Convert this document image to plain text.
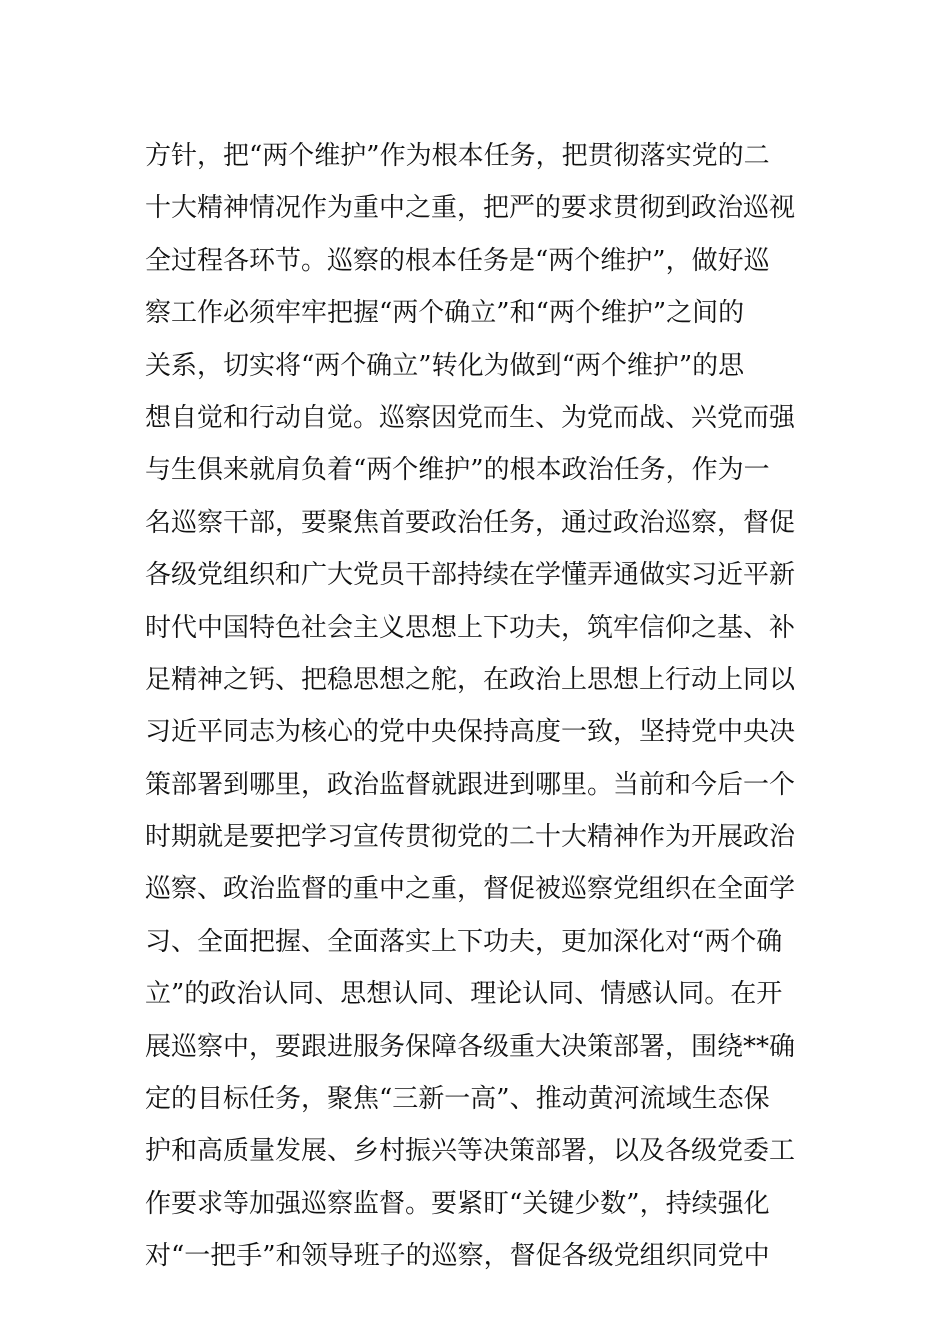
方针，把“两个维护”作为根本任务，把贯彻落实党的二
十大精神情况作为重中之重，把严的要求贯彻到政治巡视
全过程各环节。巡察的根本任务是“两个维护”，做好巡
察工作必须牢牢把握“两个确立”和“两个维护”之间的
关系，切实将“两个确立”转化为做到“两个维护”的思
想自觉和行动自觉。巡察因党而生、为党而战、兴党而强
与生俱来就肩负着“两个维护”的根本政治任务，作为一
名巡察干部，要聚焦首要政治任务，通过政治巡察，督促
各级党组织和广大党员干部持续在学懂弄通做实习近平新
时代中国特色社会主义思想上下功夫，筑牢信仰之基、补
足精神之钙、把稳思想之舵，在政治上思想上行动上同以
习近平同志为核心的党中央保持高度一致，坚持党中央决
策部署到哪里，政治监督就跟进到哪里。当前和今后一个
时期就是要把学习宣传贯彻党的二十大精神作为开展政治
巡察、政治监督的重中之重，督促被巡察党组织在全面学
习、全面把握、全面落实上下功夫，更加深化对“两个确
立”的政治认同、思想认同、理论认同、情感认同。在开
展巡察中，要跟进服务保障各级重大决策部署，围绕**确
定的目标任务，聚焦“三新一高”、推动黄河流域生态保
护和高质量发展、乡村振兴等决策部署，以及各级党委工
作要求等加强巡察监督。要紧盯“关键少数”，持续强化
对“一把手”和领导班子的巡察，督促各级党组织同党中
